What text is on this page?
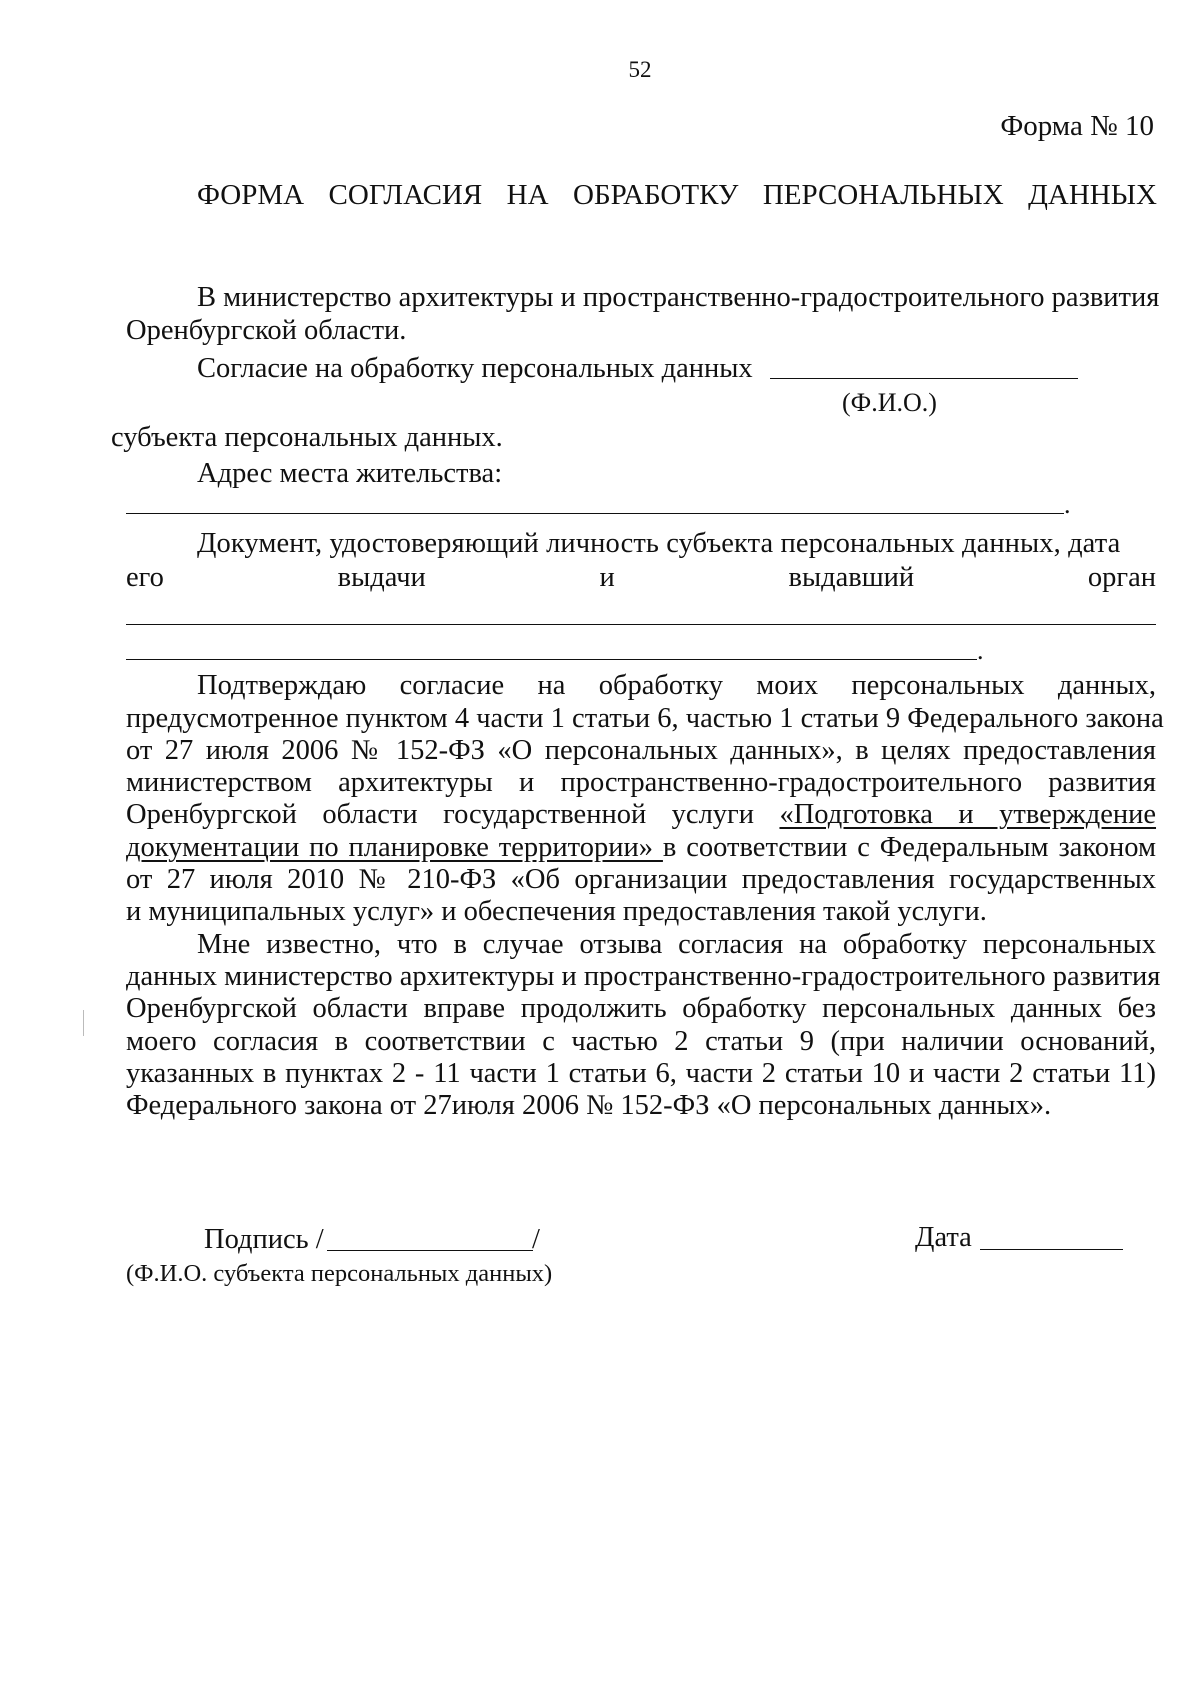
52
Форма № 10
ФОРМА СОГЛАСИЯ НА ОБРАБОТКУ ПЕРСОНАЛЬНЫХ ДАННЫХ
В министерство архитектуры и пространственно-градостроительного развития
Оренбургской области.
Согласие на обработку персональных данных
(Ф.И.О.)
субъекта персональных данных.
Адрес места жительства:
.
Документ, удостоверяющий личность субъекта персональных данных, дата
его	выдачи	и	выдавший	орган
.
Подтверждаю согласие на обработку моих персональных данных,
предусмотренное пунктом 4 части 1 статьи 6, частью 1 статьи 9 Федерального закона
от 27 июля 2006 № 152-ФЗ «О персональных данных», в целях предоставления
министерством архитектуры и пространственно-градостроительного развития
Оренбургской области государственной услуги «Подготовка и утверждение
документации по планировке территории» в соответствии с Федеральным законом
от 27 июля 2010 № 210-ФЗ «Об организации предоставления государственных
и муниципальных услуг» и обеспечения предоставления такой услуги.
Мне известно, что в случае отзыва согласия на обработку персональных
данных министерство архитектуры и пространственно-градостроительного развития
Оренбургской области вправе продолжить обработку персональных данных без
моего согласия в соответствии с частью 2 статьи 9 (при наличии оснований,
указанных в пунктах 2 - 11 части 1 статьи 6, части 2 статьи 10 и части 2 статьи 11)
Федерального закона от 27июля 2006 № 152-ФЗ «О персональных данных».
Подпись /	/
(Ф.И.О. субъекта персональных данных)
Дата
